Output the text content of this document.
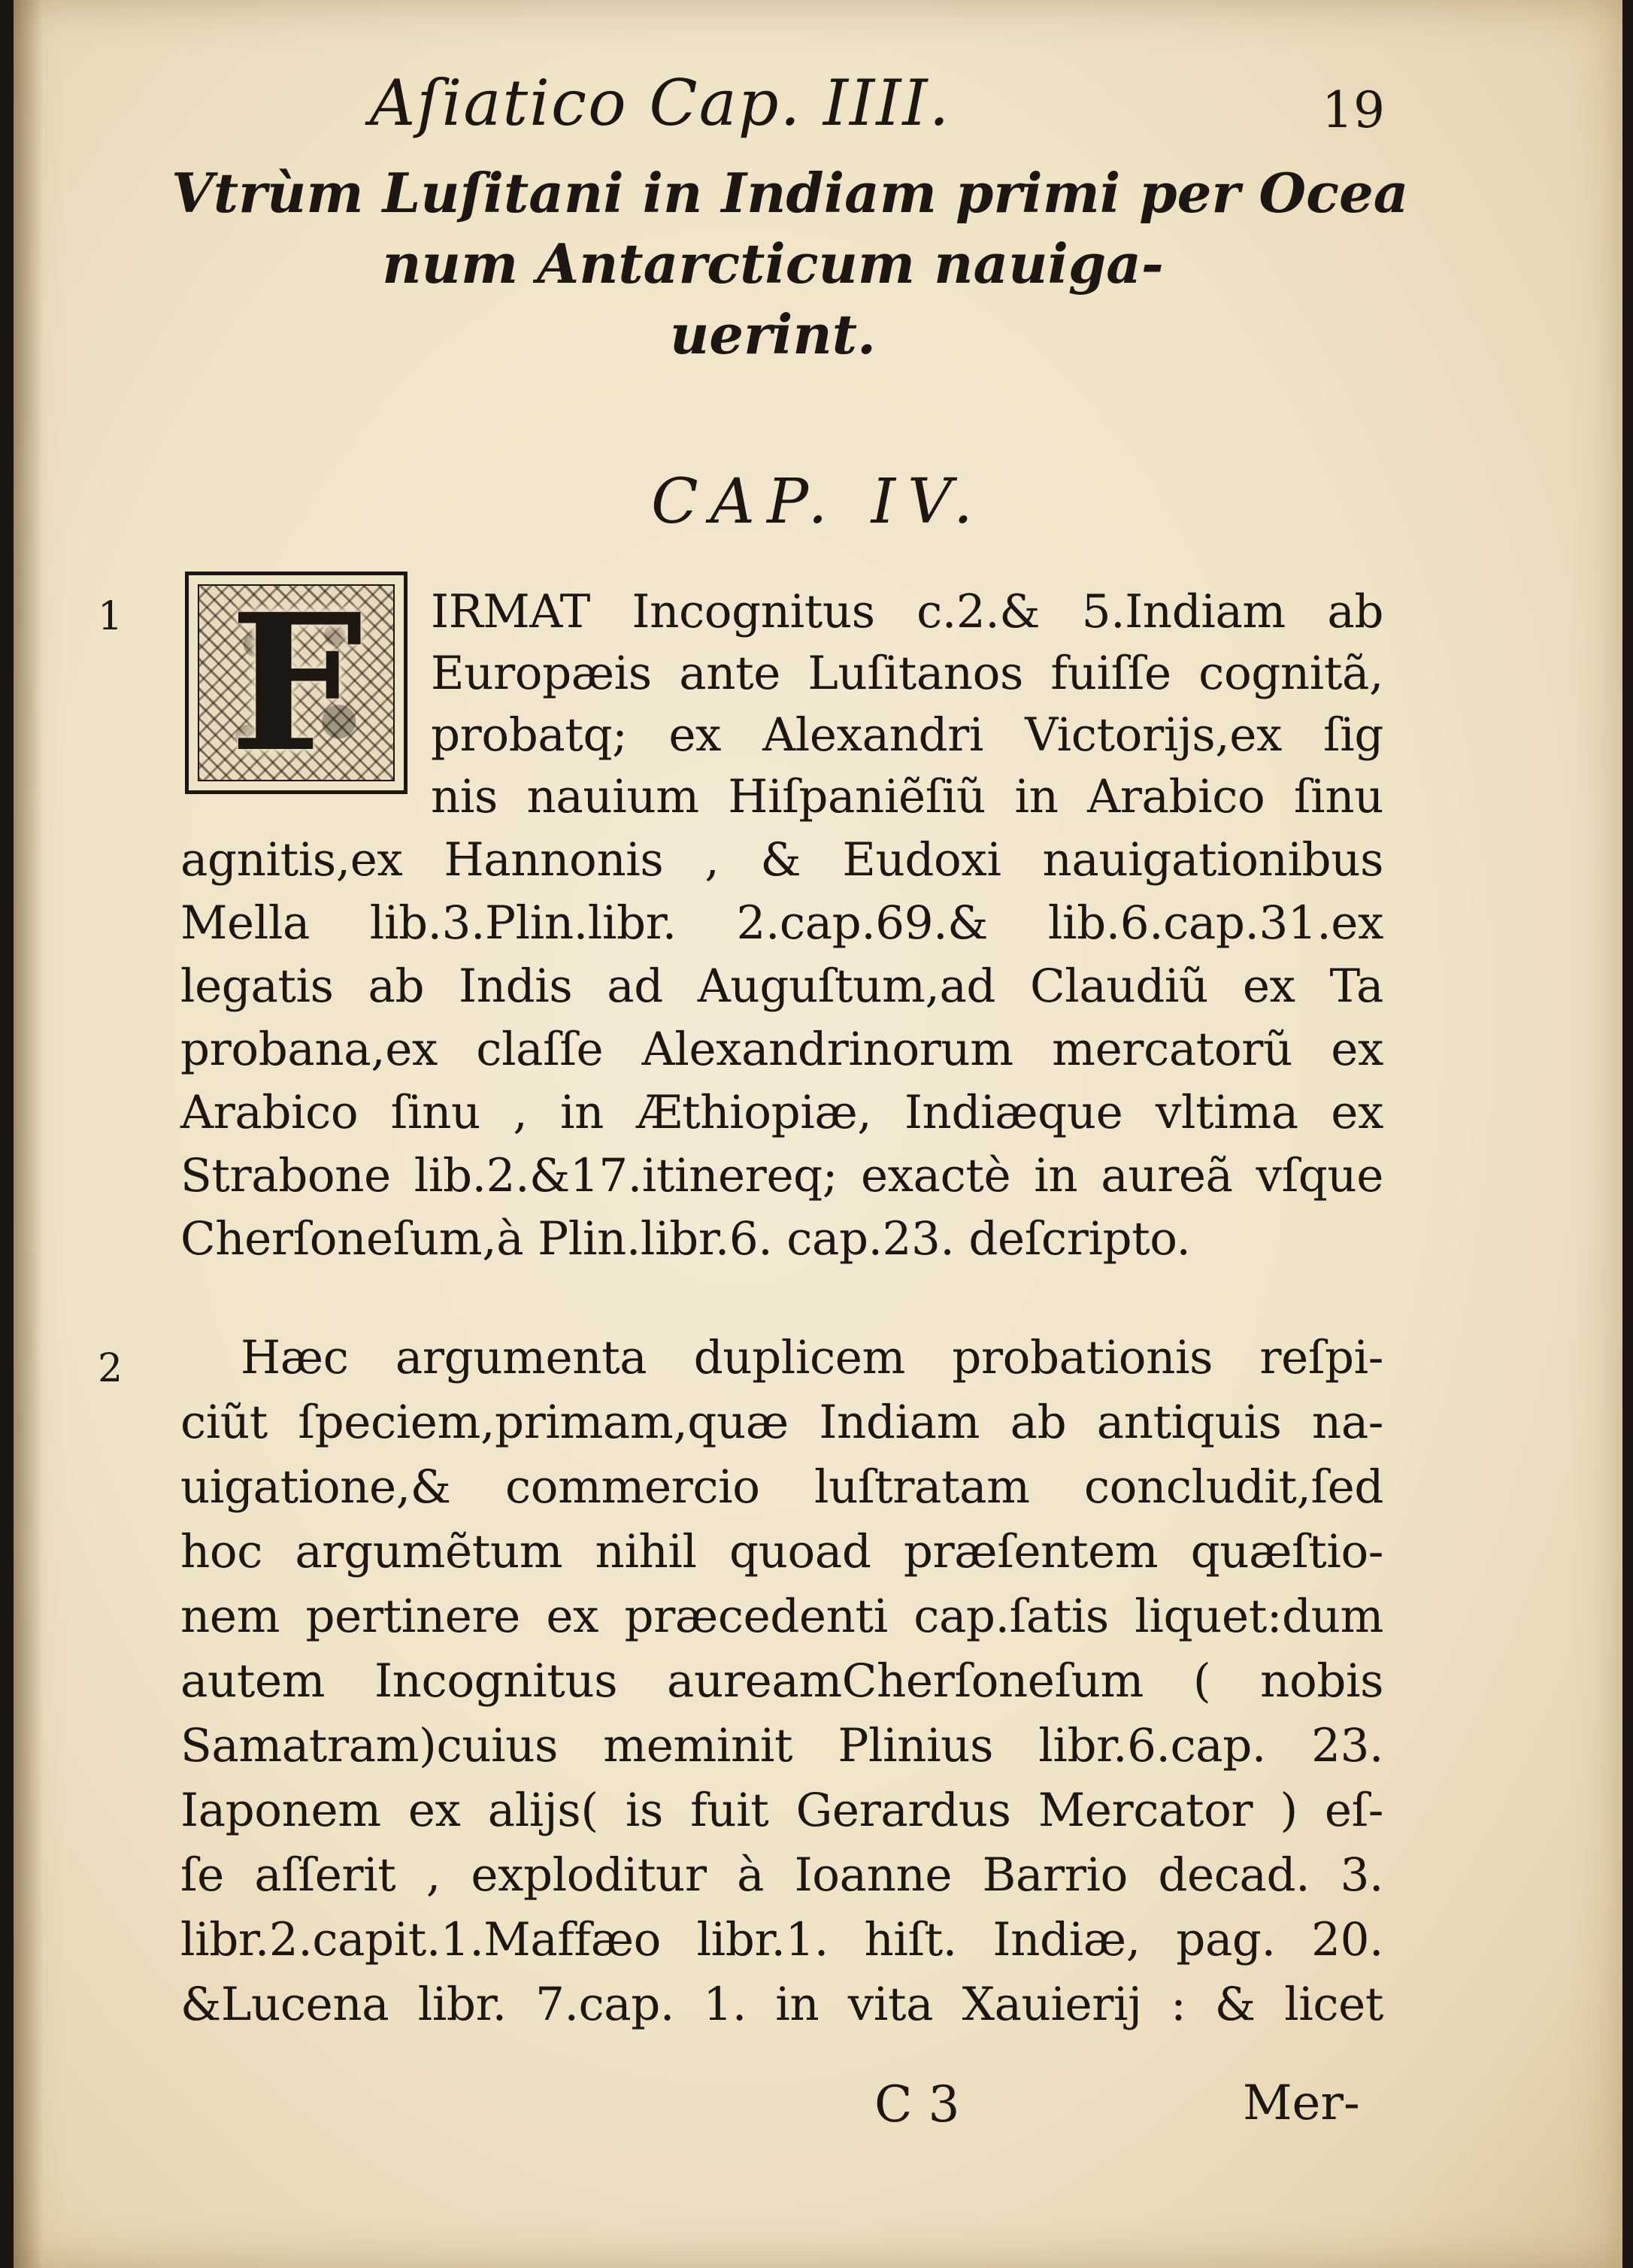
Aſiatico Cap. IIII.	19
Vtrùm Luſitani in Indiam primi per Ocea
num Antarcticum nauiga-
uerint.
CAP. IV.
1
2
F	IRMAT Incognitus c.2.& 5.Indiam ab
Europæis ante Luſitanos fuiſſe cognitã,
probatq; ex Alexandri Victorijs,ex ſig
nis nauium Hiſpaniẽſiũ in Arabico ſinu
agnitis,ex Hannonis , & Eudoxi nauigationibus
Mella lib.3.Plin.libr. 2.cap.69.& lib.6.cap.31.ex
legatis ab Indis ad Auguſtum,ad Claudiũ ex Ta
probana,ex claſſe Alexandrinorum mercatorũ ex
Arabico ſinu , in Æthiopiæ, Indiæque vltima ex
Strabone lib.2.&17.itinereq; exactè in aureã vſque
Cherſoneſum,à Plin.libr.6. cap.23. deſcripto.
Hæc argumenta duplicem probationis reſpi-
ciũt ſpeciem,primam,quæ Indiam ab antiquis na-
uigatione,& commercio luſtratam concludit,ſed
hoc argumẽtum nihil quoad præſentem quæſtio-
nem pertinere ex præcedenti cap.ſatis liquet:dum
autem Incognitus aureamCherſoneſum ( nobis
Samatram)cuius meminit Plinius libr.6.cap. 23.
Iaponem ex alijs( is fuit Gerardus Mercator ) eſ-
ſe aſſerit , exploditur à Ioanne Barrio decad. 3.
libr.2.capit.1.Maffæo libr.1. hiſt. Indiæ, pag. 20.
&Lucena libr. 7.cap. 1. in vita Xauierij : & licet
C 3	Mer-
